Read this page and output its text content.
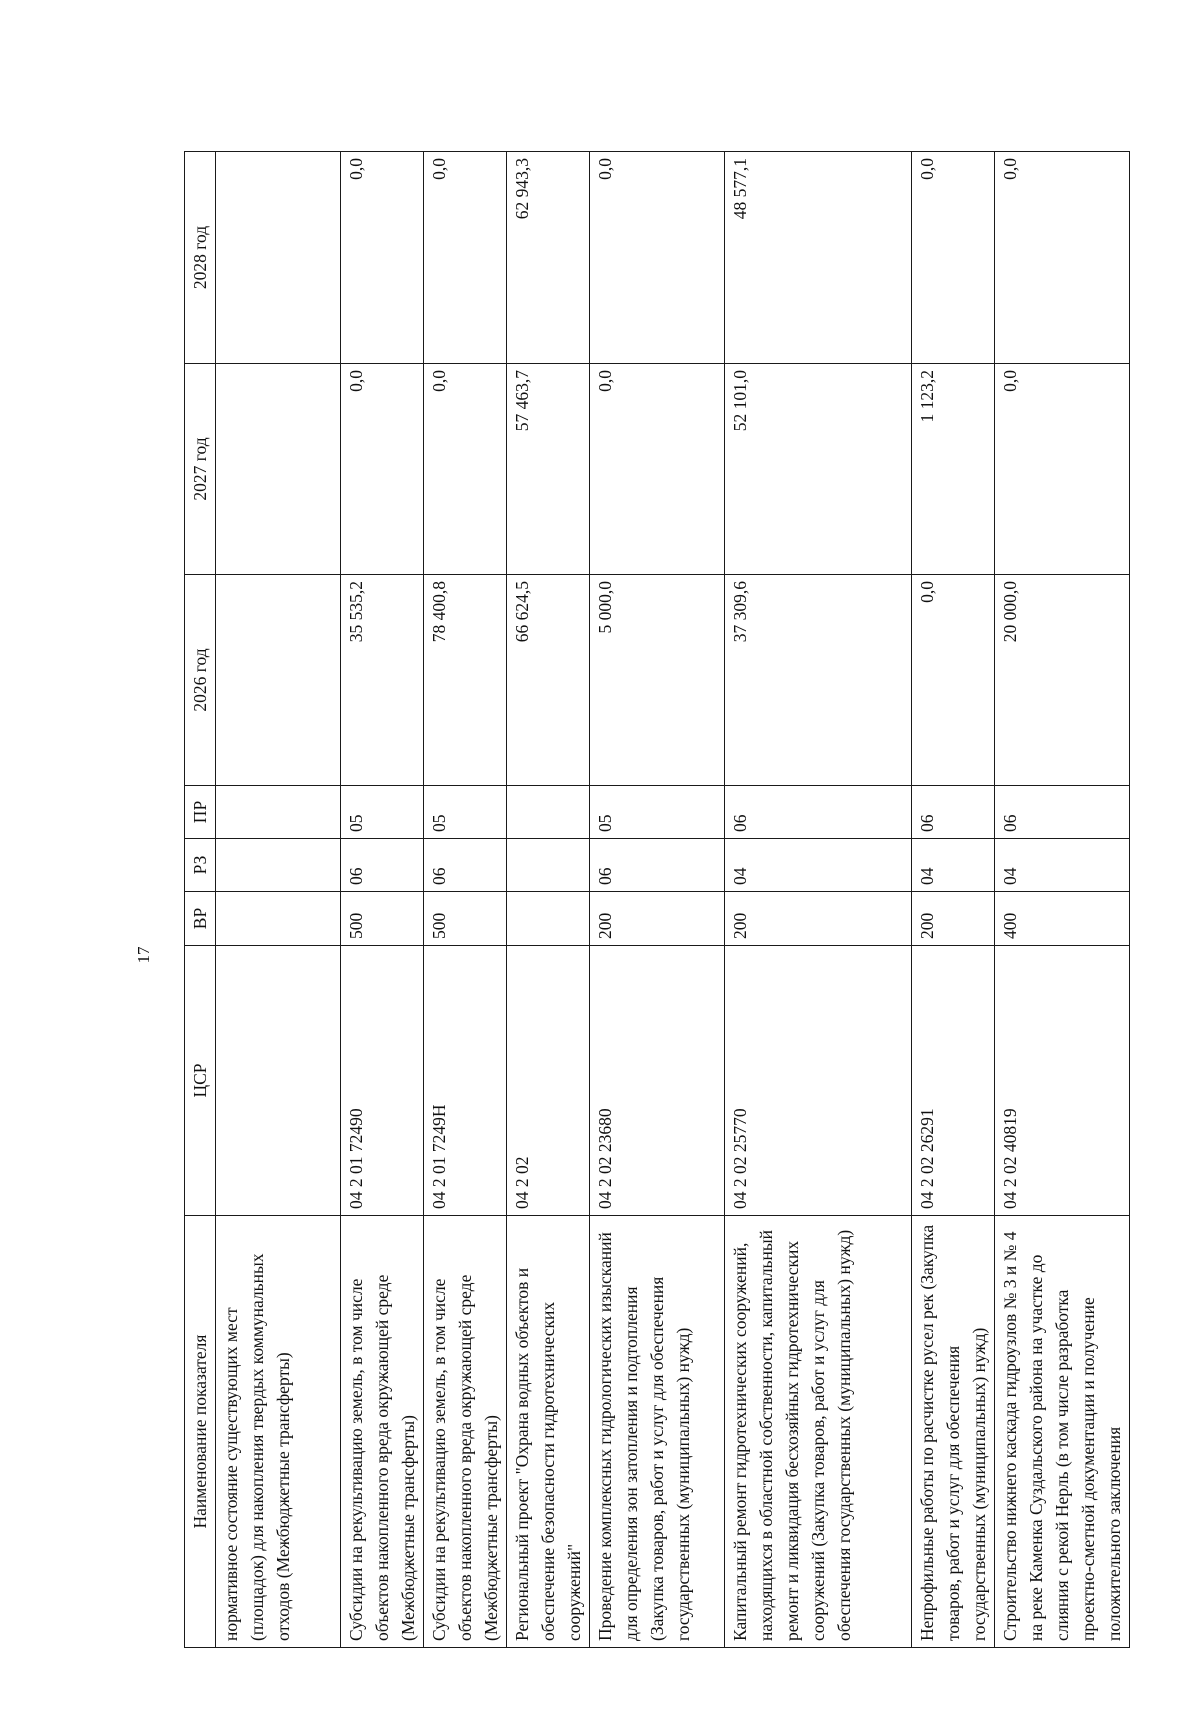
17
Наименование показателя	ЦСР	ВР	РЗ	ПР	2026 год	2027 год	2028 год
нормативное состояние существующих мест (площадок) для накопления твердых коммунальных отходов (Межбюджетные трансферты)							
Субсидии на рекультивацию земель, в том числе объектов накопленного вреда окружающей среде (Межбюджетные трансферты)	04 2 01 72490	500	06	05	35 535,2	0,0	0,0
Субсидии на рекультивацию земель, в том числе объектов накопленного вреда окружающей среде (Межбюджетные трансферты)	04 2 01 7249Н	500	06	05	78 400,8	0,0	0,0
Региональный проект "Охрана водных объектов и обеспечение безопасности гидротехнических сооружений"	04 2 02				66 624,5	57 463,7	62 943,3
Проведение комплексных гидрологических изысканий для определения зон затопления и подтопления (Закупка товаров, работ и услуг для обеспечения государственных (муниципальных) нужд)	04 2 02 23680	200	06	05	5 000,0	0,0	0,0
Капитальный ремонт гидротехнических сооружений, находящихся в областной собственности, капитальный ремонт и ликвидация бесхозяйных гидротехнических сооружений (Закупка товаров, работ и услуг для обеспечения государственных (муниципальных) нужд)	04 2 02 25770	200	04	06	37 309,6	52 101,0	48 577,1
Непрофильные работы по расчистке русел рек (Закупка товаров, работ и услуг для обеспечения государственных (муниципальных) нужд)	04 2 02 26291	200	04	06	0,0	1 123,2	0,0
Строительство нижнего каскада гидроузлов № 3 и № 4 на реке Каменка Суздальского района на участке до слияния с рекой Нерль (в том числе разработка проектно-сметной документации и получение положительного заключения	04 2 02 40819	400	04	06	20 000,0	0,0	0,0
